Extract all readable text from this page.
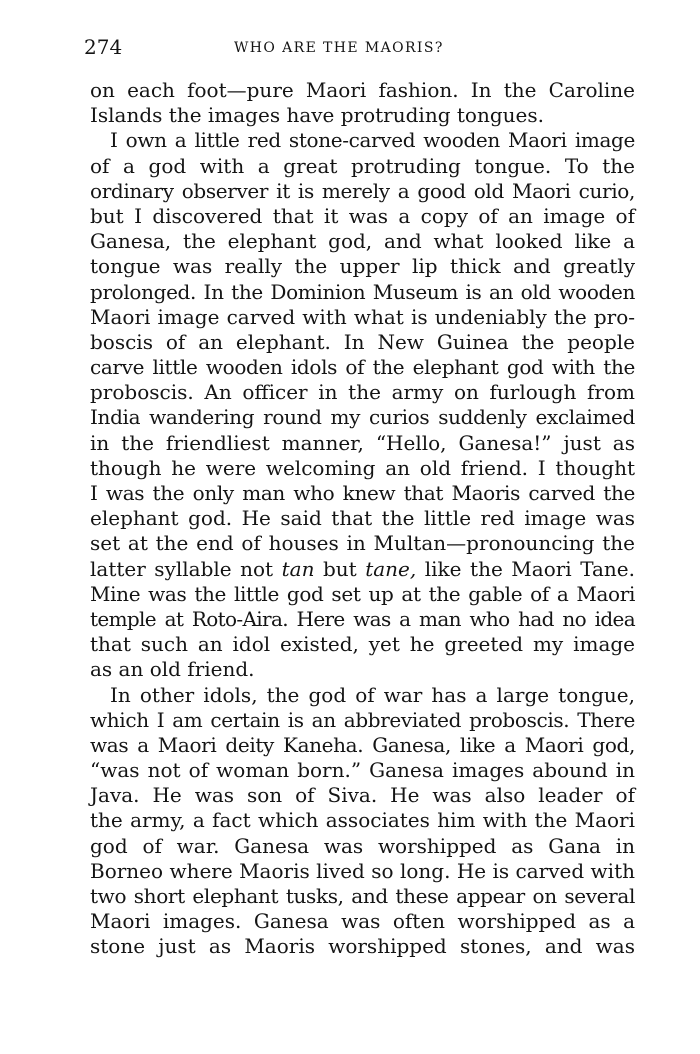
274	WHO ARE THE MAORIS?
on each foot—pure Maori fashion. In the Caroline
Islands the images have protruding tongues.
I own a little red stone-carved wooden Maori image
of a god with a great protruding tongue. To the
ordinary observer it is merely a good old Maori curio,
but I discovered that it was a copy of an image of
Ganesa, the elephant god, and what looked like a
tongue was really the upper lip thick and greatly
prolonged. In the Dominion Museum is an old wooden
Maori image carved with what is undeniably the pro-
boscis of an elephant. In New Guinea the people
carve little wooden idols of the elephant god with the
proboscis. An officer in the army on furlough from
India wandering round my curios suddenly exclaimed
in the friendliest manner, “Hello, Ganesa!” just as
though he were welcoming an old friend. I thought
I was the only man who knew that Maoris carved the
elephant god. He said that the little red image was
set at the end of houses in Multan—pronouncing the
latter syllable not tan but tane, like the Maori Tane.
Mine was the little god set up at the gable of a Maori
temple at Roto-Aira. Here was a man who had no idea
that such an idol existed, yet he greeted my image
as an old friend.
In other idols, the god of war has a large tongue,
which I am certain is an abbreviated proboscis. There
was a Maori deity Kaneha. Ganesa, like a Maori god,
“was not of woman born.” Ganesa images abound in
Java. He was son of Siva. He was also leader of
the army, a fact which associates him with the Maori
god of war. Ganesa was worshipped as Gana in
Borneo where Maoris lived so long. He is carved with
two short elephant tusks, and these appear on several
Maori images. Ganesa was often worshipped as a
stone just as Maoris worshipped stones, and was
